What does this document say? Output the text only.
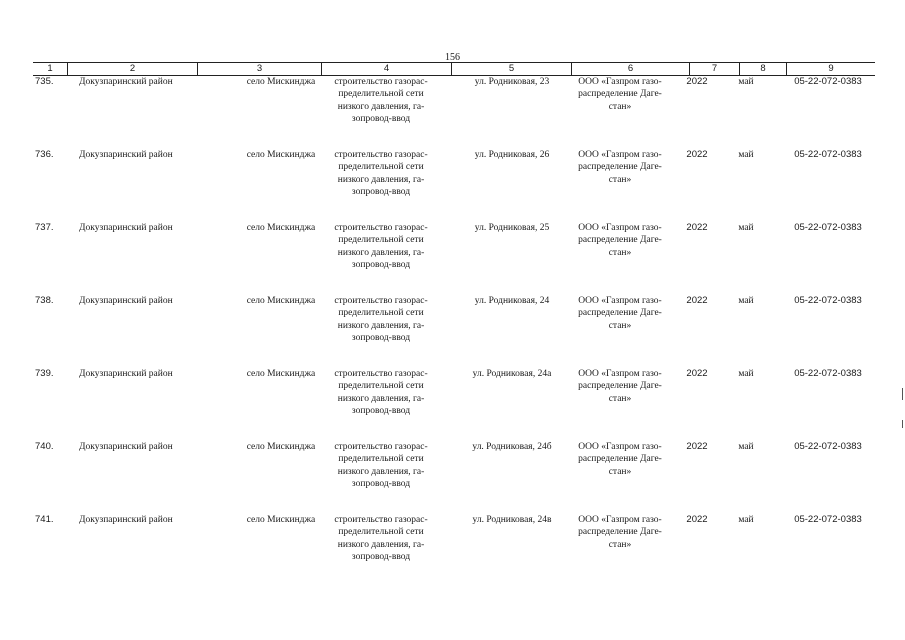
156
1	2	3	4	5	6	7	8	9
735.	Докузпаринский район	село Мискинджа	строительство газорас-
пределительной сети
низкого давления, га-
зопровод-ввод
ул. Родниковая, 23	ООО «Газпром газо-
распределение Даге-
стан»
2022	май	05-22-072-0383
736.	Докузпаринский район	село Мискинджа	строительство газорас-
пределительной сети
низкого давления, га-
зопровод-ввод
ул. Родниковая, 26	ООО «Газпром газо-
распределение Даге-
стан»
2022	май	05-22-072-0383
737.	Докузпаринский район	село Мискинджа	строительство газорас-
пределительной сети
низкого давления, га-
зопровод-ввод
ул. Родниковая, 25	ООО «Газпром газо-
распределение Даге-
стан»
2022	май	05-22-072-0383
738.	Докузпаринский район	село Мискинджа	строительство газорас-
пределительной сети
низкого давления, га-
зопровод-ввод
ул. Родниковая, 24	ООО «Газпром газо-
распределение Даге-
стан»
2022	май	05-22-072-0383
739.	Докузпаринский район	село Мискинджа	строительство газорас-
пределительной сети
низкого давления, га-
зопровод-ввод
ул. Родниковая, 24а	ООО «Газпром газо-
распределение Даге-
стан»
2022	май	05-22-072-0383
740.	Докузпаринский район	село Мискинджа	строительство газорас-
пределительной сети
низкого давления, га-
зопровод-ввод
ул. Родниковая, 24б	ООО «Газпром газо-
распределение Даге-
стан»
2022	май	05-22-072-0383
741.	Докузпаринский район	село Мискинджа	строительство газорас-
пределительной сети
низкого давления, га-
зопровод-ввод
ул. Родниковая, 24в	ООО «Газпром газо-
распределение Даге-
стан»
2022	май	05-22-072-0383
